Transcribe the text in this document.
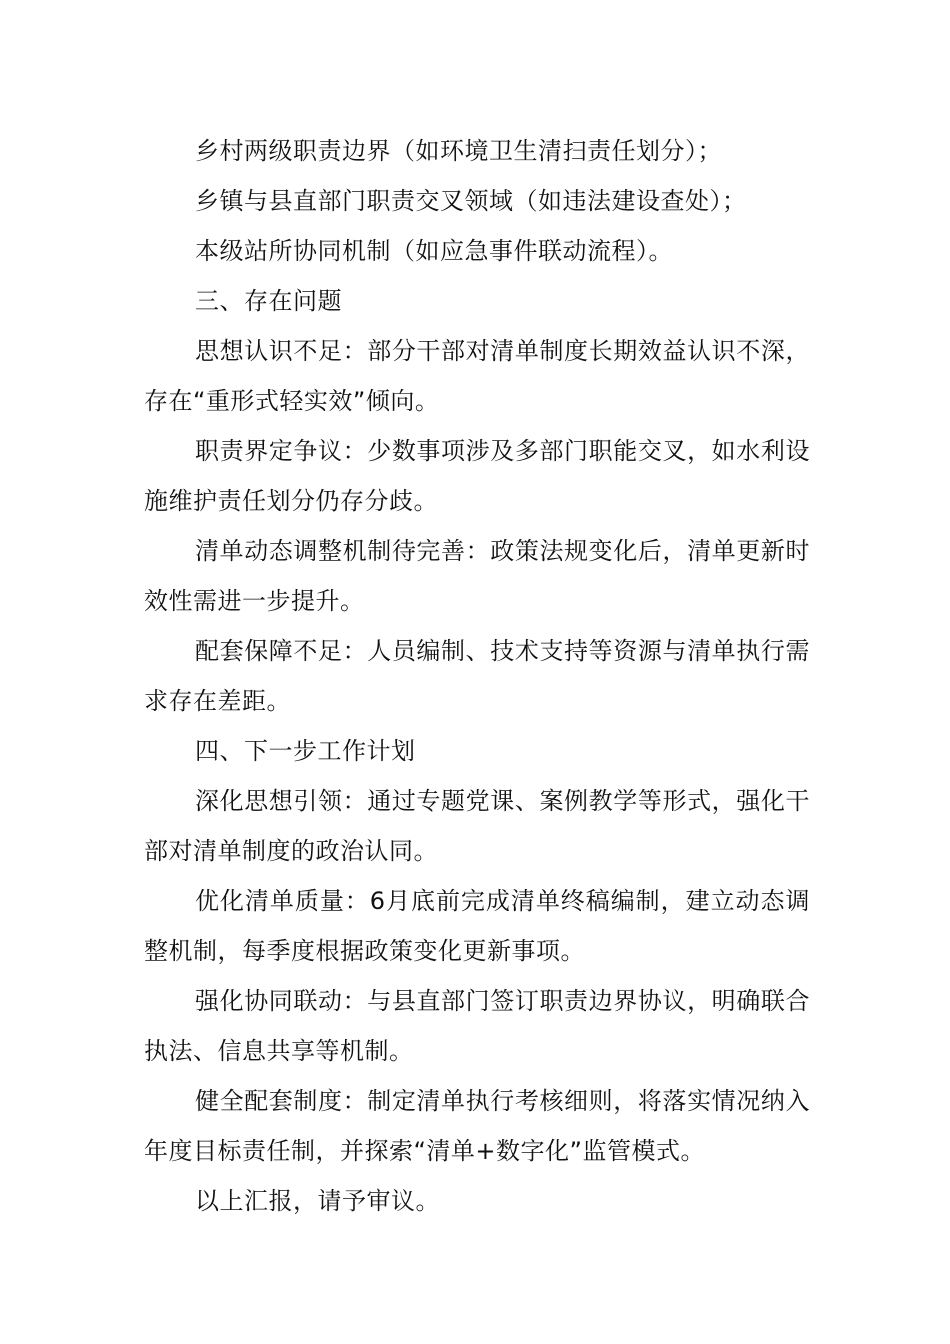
乡村两级职责边界（如环境卫生清扫责任划分）；

乡镇与县直部门职责交叉领域（如违法建设查处）；

本级站所协同机制（如应急事件联动流程）。

三、存在问题

思想认识不足：部分干部对清单制度长期效益认识不深，存在“重形式轻实效”倾向。

职责界定争议：少数事项涉及多部门职能交叉，如水利设施维护责任划分仍存分歧。

清单动态调整机制待完善：政策法规变化后，清单更新时效性需进一步提升。

配套保障不足：人员编制、技术支持等资源与清单执行需求存在差距。

四、下一步工作计划

深化思想引领：通过专题党课、案例教学等形式，强化干部对清单制度的政治认同。

优化清单质量：6月底前完成清单终稿编制，建立动态调整机制，每季度根据政策变化更新事项。

强化协同联动：与县直部门签订职责边界协议，明确联合执法、信息共享等机制。

健全配套制度：制定清单执行考核细则，将落实情况纳入年度目标责任制，并探索“清单+数字化”监管模式。

以上汇报，请予审议。
